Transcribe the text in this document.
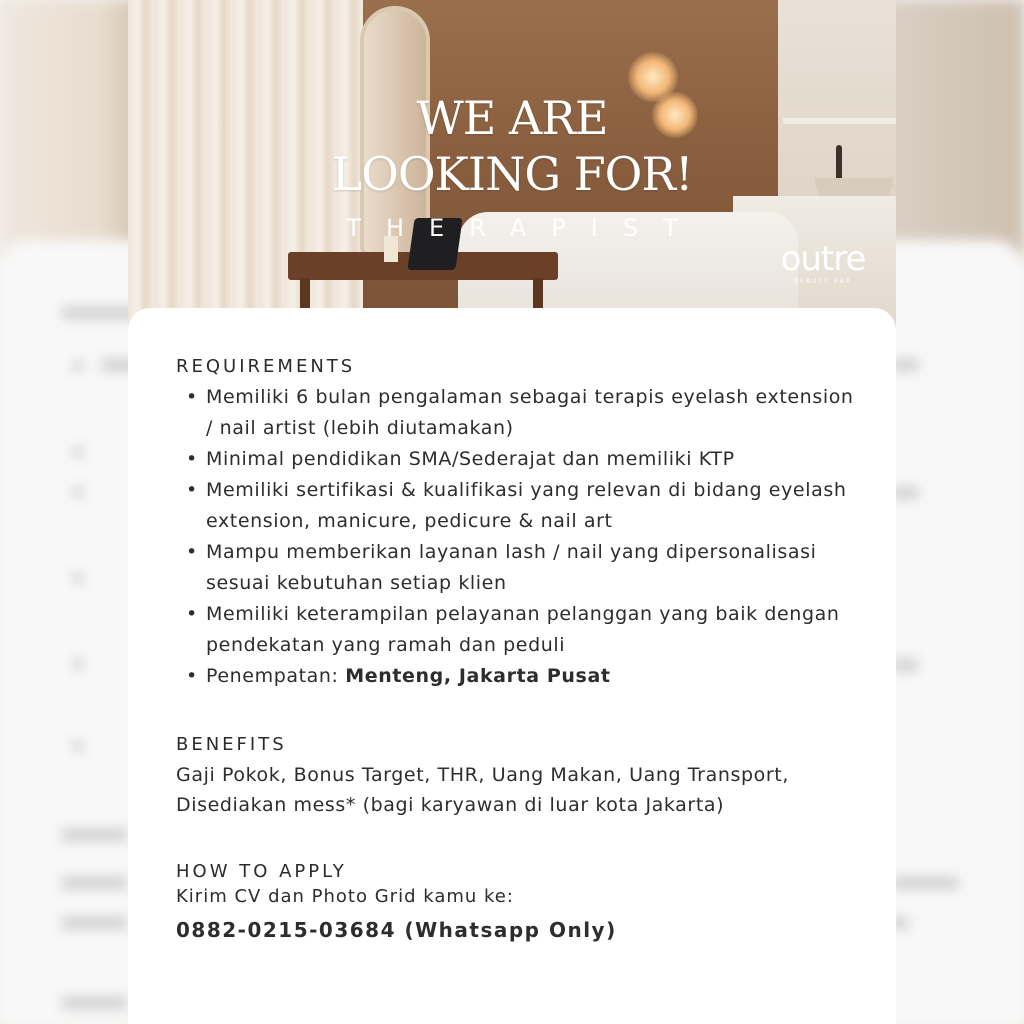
WE ARE
LOOKING FOR!
THERAPIST
outre
BEAUTY BAR
REQUIREMENTS
• Memiliki 6 bulan pengalaman sebagai terapis eyelash extension / nail artist (lebih diutamakan)
• Minimal pendidikan SMA/Sederajat dan memiliki KTP
• Memiliki sertifikasi & kualifikasi yang relevan di bidang eyelash extension, manicure, pedicure & nail art
• Mampu memberikan layanan lash / nail yang dipersonalisasi sesuai kebutuhan setiap klien
• Memiliki keterampilan pelayanan pelanggan yang baik dengan pendekatan yang ramah dan peduli
• Penempatan: Menteng, Jakarta Pusat
BENEFITS
Gaji Pokok, Bonus Target, THR, Uang Makan, Uang Transport, Disediakan mess* (bagi karyawan di luar kota Jakarta)
HOW TO APPLY
Kirim CV dan Photo Grid kamu ke:
0882-0215-03684 (Whatsapp Only)
